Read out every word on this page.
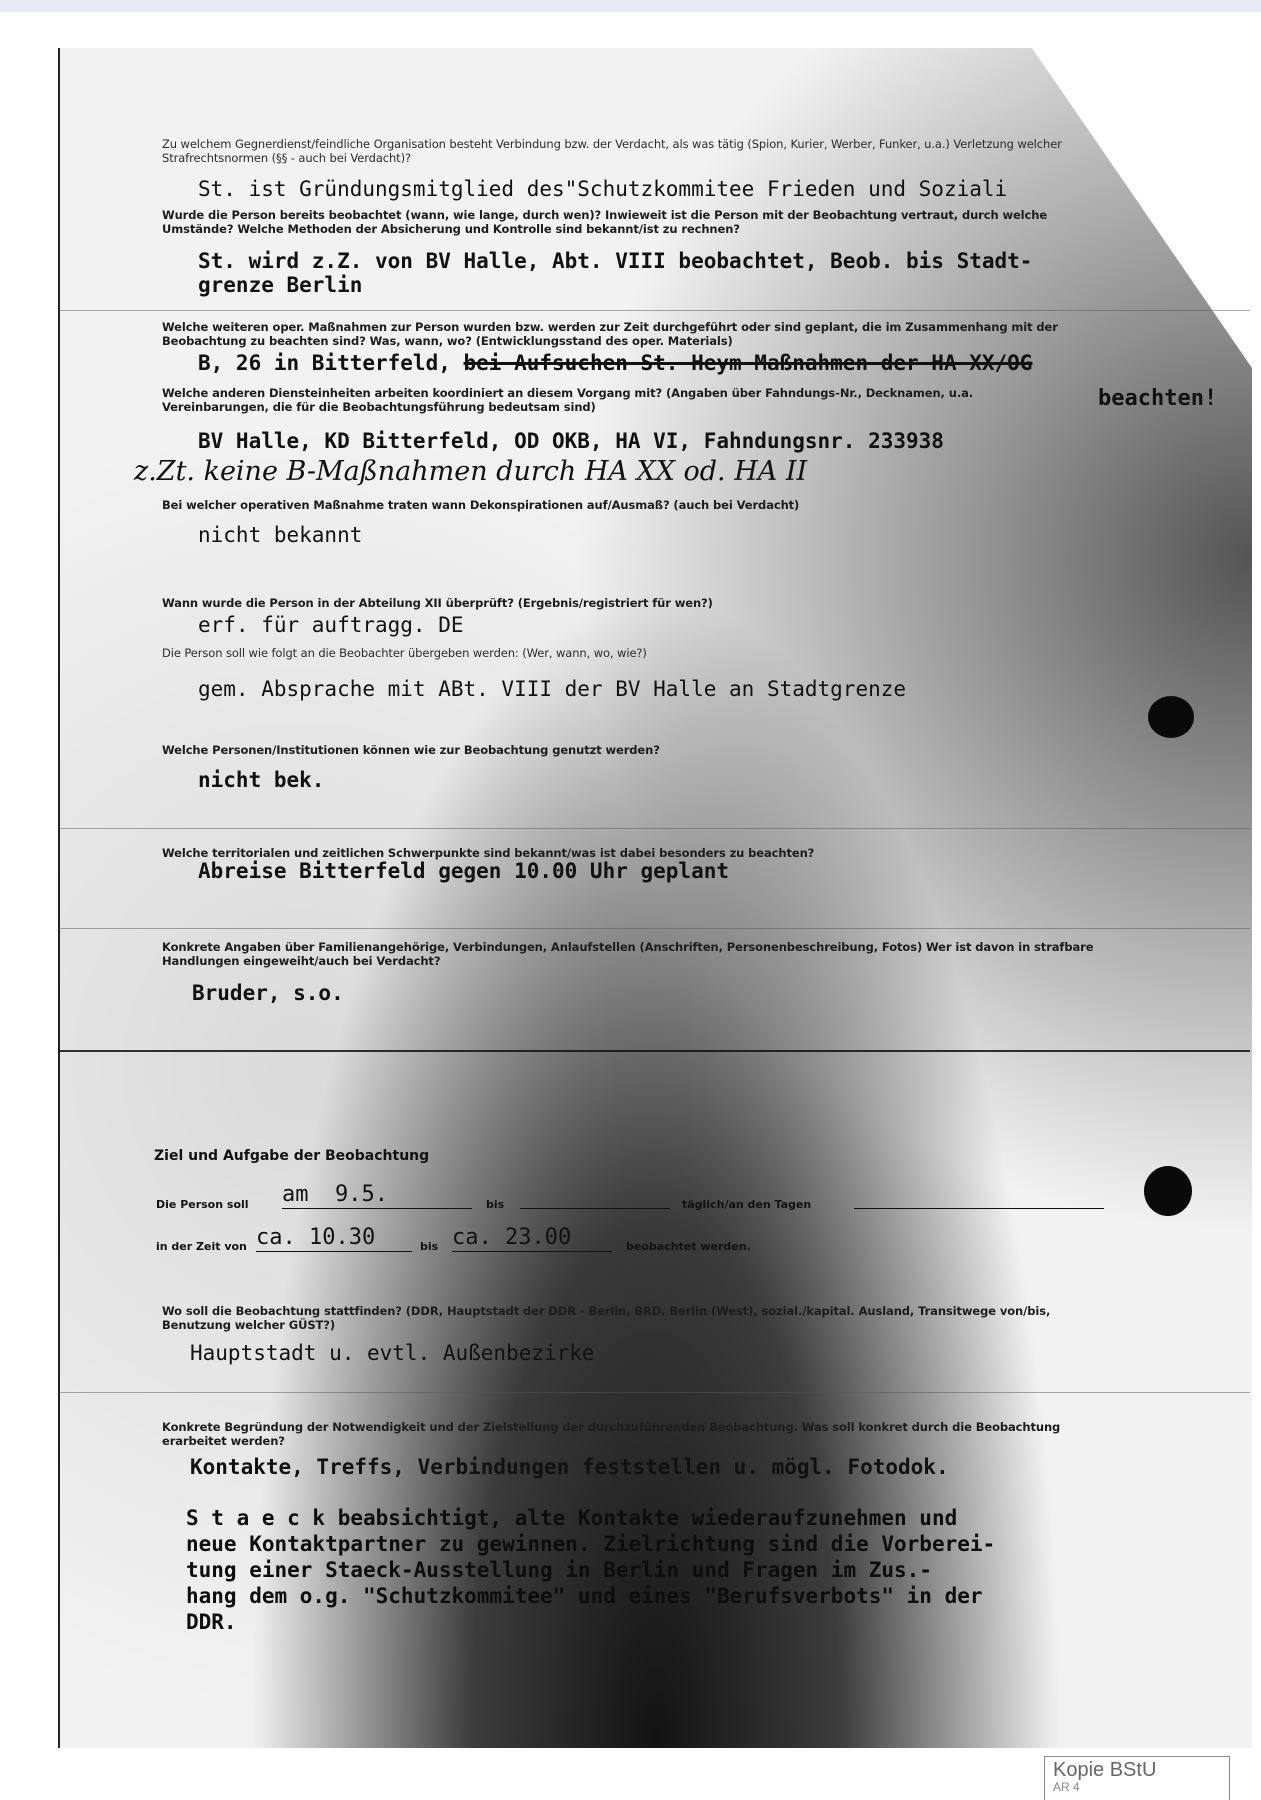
Zu welchem Gegnerdienst/feindliche Organisation besteht Verbindung bzw. der Verdacht, als was tätig (Spion, Kurier, Werber, Funker, u.a.) Verletzung welcher Strafrechtsnormen (§§ - auch bei Verdacht)?
St. ist Gründungsmitglied des"Schutzkommitee Frieden und Soziali
Wurde die Person bereits beobachtet (wann, wie lange, durch wen)? Inwieweit ist die Person mit der Beobachtung vertraut, durch welche Umstände? Welche Methoden der Absicherung und Kontrolle sind bekannt/ist zu rechnen?
St. wird z.Z. von BV Halle, Abt. VIII beobachtet, Beob. bis Stadt-
grenze Berlin
Welche weiteren oper. Maßnahmen zur Person wurden bzw. werden zur Zeit durchgeführt oder sind geplant, die im Zusammenhang mit der Beobachtung zu beachten sind? Was, wann, wo? (Entwicklungsstand des oper. Materials)
B, 26 in Bitterfeld, bei Aufsuchen St. Heym Maßnahmen der HA XX/OG
Welche anderen Diensteinheiten arbeiten koordiniert an diesem Vorgang mit? (Angaben über Fahndungs-Nr., Decknamen, u.a. Vereinbarungen, die für die Beobachtungsführung bedeutsam sind)	beachten!
BV Halle, KD Bitterfeld, OD OKB, HA VI, Fahndungsnr. 233938
z.Zt. keine B-Maßnahmen durch HA XX od. HA II
Bei welcher operativen Maßnahme traten wann Dekonspirationen auf/Ausmaß? (auch bei Verdacht)
nicht bekannt
Wann wurde die Person in der Abteilung XII überprüft? (Ergebnis/registriert für wen?)
erf. für auftragg. DE
Die Person soll wie folgt an die Beobachter übergeben werden: (Wer, wann, wo, wie?)
gem. Absprache mit ABt. VIII der BV Halle an Stadtgrenze
Welche Personen/Institutionen können wie zur Beobachtung genutzt werden?
nicht bek.
Welche territorialen und zeitlichen Schwerpunkte sind bekannt/was ist dabei besonders zu beachten?
Abreise Bitterfeld gegen 10.00 Uhr geplant
Konkrete Angaben über Familienangehörige, Verbindungen, Anlaufstellen (Anschriften, Personenbeschreibung, Fotos) Wer ist davon in strafbare Handlungen eingeweiht/auch bei Verdacht?
Bruder, s.o.
Ziel und Aufgabe der Beobachtung
Die Person soll am  9.5.	bis	täglich/an den Tagen
in der Zeit von ca. 10.30	bis ca. 23.00	beobachtet werden.
Wo soll die Beobachtung stattfinden? (DDR, Hauptstadt der DDR - Berlin, BRD, Berlin (West), sozial./kapital. Ausland, Transitwege von/bis, Benutzung welcher GÜST?)
Hauptstadt u. evtl. Außenbezirke
Konkrete Begründung der Notwendigkeit und der Zielstellung der durchzuführenden Beobachtung. Was soll konkret durch die Beobachtung erarbeitet werden?
Kontakte, Treffs, Verbindungen feststellen u. mögl. Fotodok.
S t a e c k beabsichtigt, alte Kontakte wiederaufzunehmen und
neue Kontaktpartner zu gewinnen. Zielrichtung sind die Vorberei-
tung einer Staeck-Ausstellung in Berlin und Fragen im Zus.-
hang dem o.g. "Schutzkommitee" und eines "Berufsverbots" in der
DDR.
Kopie BStU
AR 4
